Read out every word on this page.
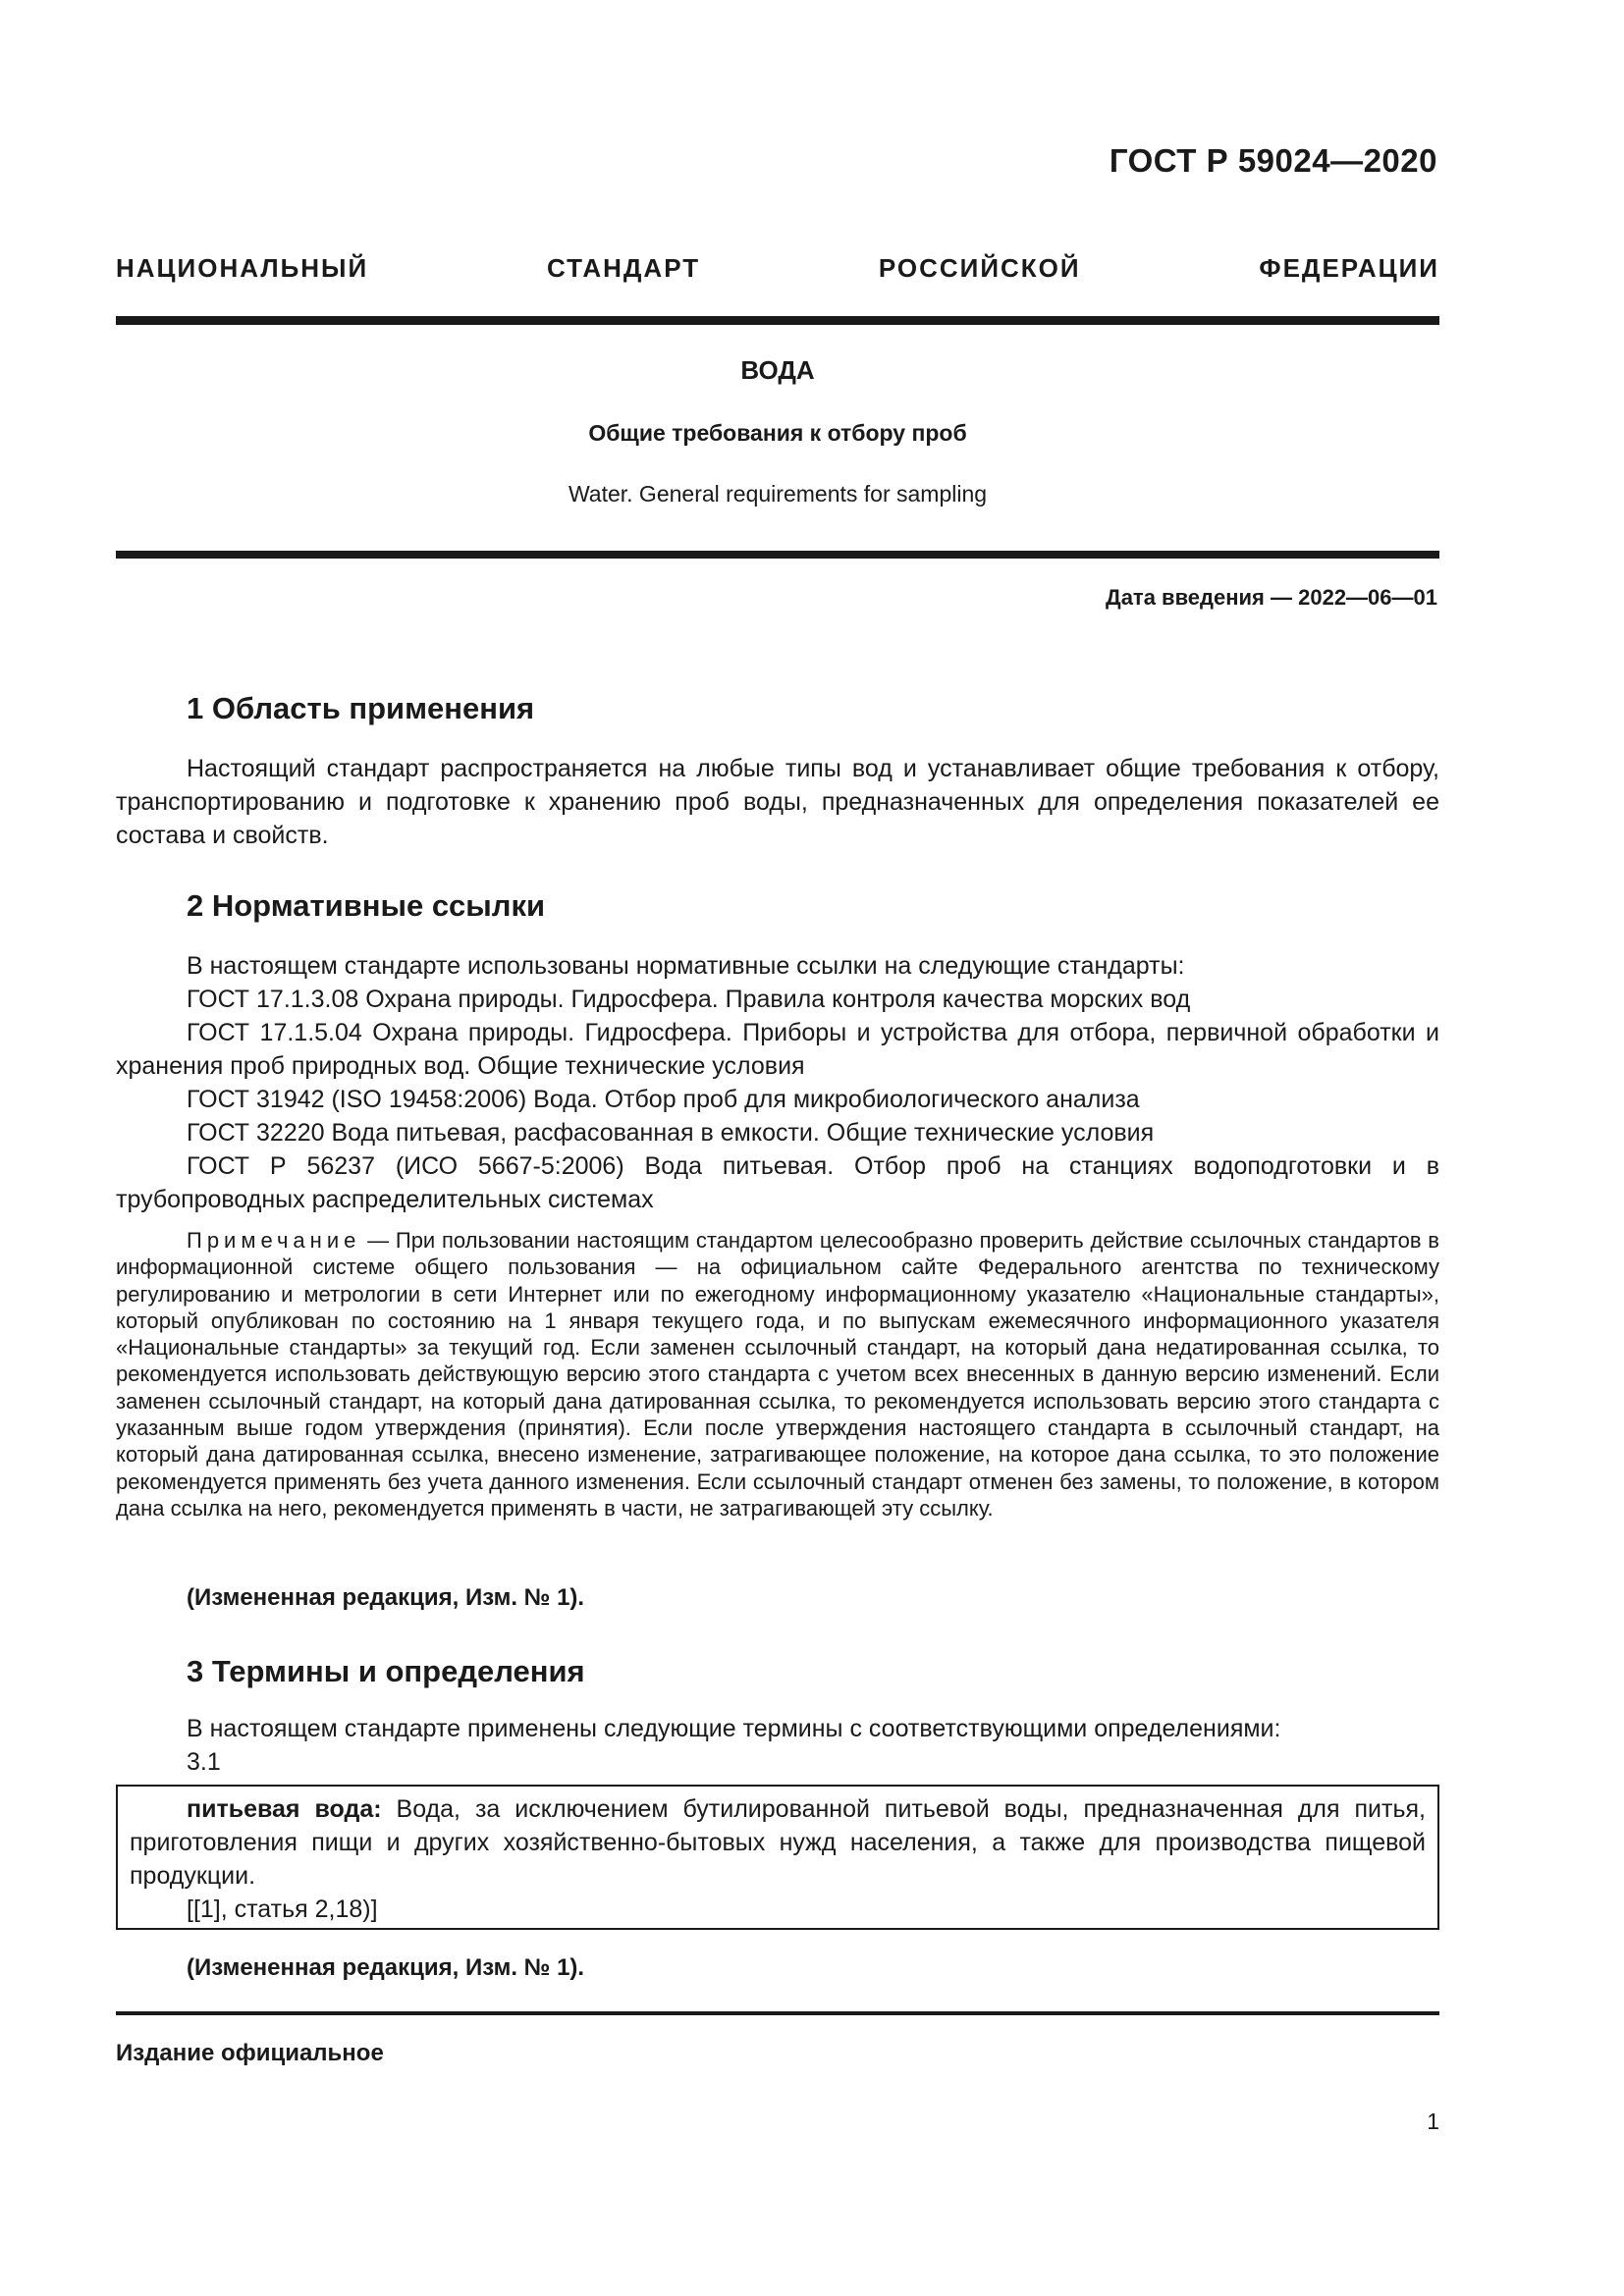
ГОСТ Р 59024—2020
НАЦИОНАЛЬНЫЙ СТАНДАРТ РОССИЙСКОЙ ФЕДЕРАЦИИ
ВОДА
Общие требования к отбору проб
Water. General requirements for sampling
Дата введения — 2022—06—01
1 Область применения

Настоящий стандарт распространяется на любые типы вод и устанавливает общие требования к отбору, транспортированию и подготовке к хранению проб воды, предназначенных для определения показателей ее состава и свойств.

2 Нормативные ссылки

В настоящем стандарте использованы нормативные ссылки на следующие стандарты:

ГОСТ 17.1.3.08 Охрана природы. Гидросфера. Правила контроля качества морских вод

ГОСТ 17.1.5.04 Охрана природы. Гидросфера. Приборы и устройства для отбора, первичной обработки и хранения проб природных вод. Общие технические условия

ГОСТ 31942 (ISO 19458:2006) Вода. Отбор проб для микробиологического анализа

ГОСТ 32220 Вода питьевая, расфасованная в емкости. Общие технические условия

ГОСТ Р 56237 (ИСО 5667-5:2006) Вода питьевая. Отбор проб на станциях водоподготовки и в трубопроводных распределительных системах

Примечание — При пользовании настоящим стандартом целесообразно проверить действие ссылочных стандартов в информационной системе общего пользования — на официальном сайте Федерального агентства по техническому регулированию и метрологии в сети Интернет или по ежегодному информационному указателю «Национальные стандарты», который опубликован по состоянию на 1 января текущего года, и по выпускам ежемесячного информационного указателя «Национальные стандарты» за текущий год. Если заменен ссылочный стандарт, на который дана недатированная ссылка, то рекомендуется использовать действующую версию этого стандарта с учетом всех внесенных в данную версию изменений. Если заменен ссылочный стандарт, на который дана датированная ссылка, то рекомендуется использовать версию этого стандарта с указанным выше годом утверждения (принятия). Если после утверждения настоящего стандарта в ссылочный стандарт, на который дана датированная ссылка, внесено изменение, затрагивающее положение, на которое дана ссылка, то это положение рекомендуется применять без учета данного изменения. Если ссылочный стандарт отменен без замены, то положение, в котором дана ссылка на него, рекомендуется применять в части, не затрагивающей эту ссылку.
(Измененная редакция, Изм. № 1).
3 Термины и определения

В настоящем стандарте применены следующие термины с соответствующими определениями:

3.1

питьевая вода: Вода, за исключением бутилированной питьевой воды, предназначенная для питья, приготовления пищи и других хозяйственно-бытовых нужд населения, а также для производства пищевой продукции.

[[1], статья 2,18)]

(Измененная редакция, Изм. № 1).
Издание официальное
1
